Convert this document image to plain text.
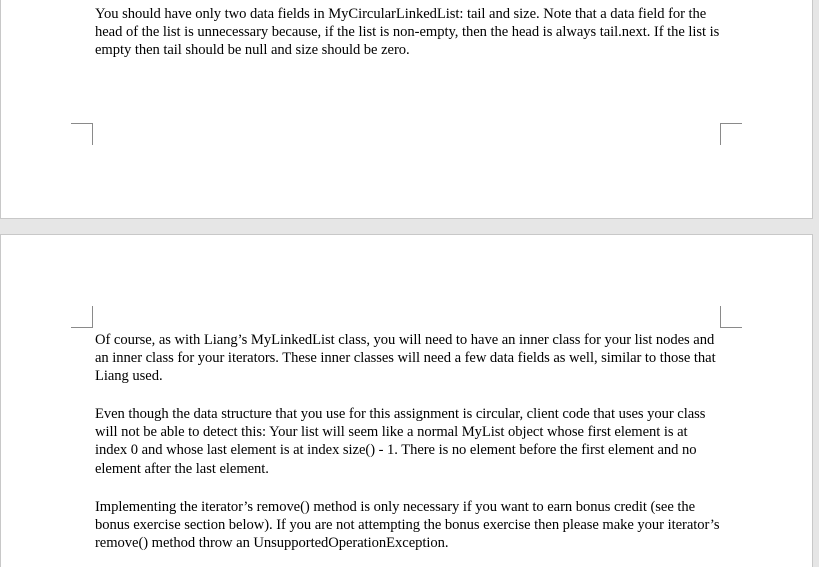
You should have only two data fields in MyCircularLinkedList: tail and size. Note that a data field for the head of the list is unnecessary because, if the list is non-empty, then the head is always tail.next. If the list is empty then tail should be null and size should be zero.

Of course, as with Liang’s MyLinkedList class, you will need to have an inner class for your list nodes and an inner class for your iterators. These inner classes will need a few data fields as well, similar to those that Liang used.

Even though the data structure that you use for this assignment is circular, client code that uses your class will not be able to detect this: Your list will seem like a normal MyList object whose first element is at index 0 and whose last element is at index size() - 1. There is no element before the first element and no element after the last element.

Implementing the iterator’s remove() method is only necessary if you want to earn bonus credit (see the bonus exercise section below). If you are not attempting the bonus exercise then please make your iterator’s remove() method throw an UnsupportedOperationException.
